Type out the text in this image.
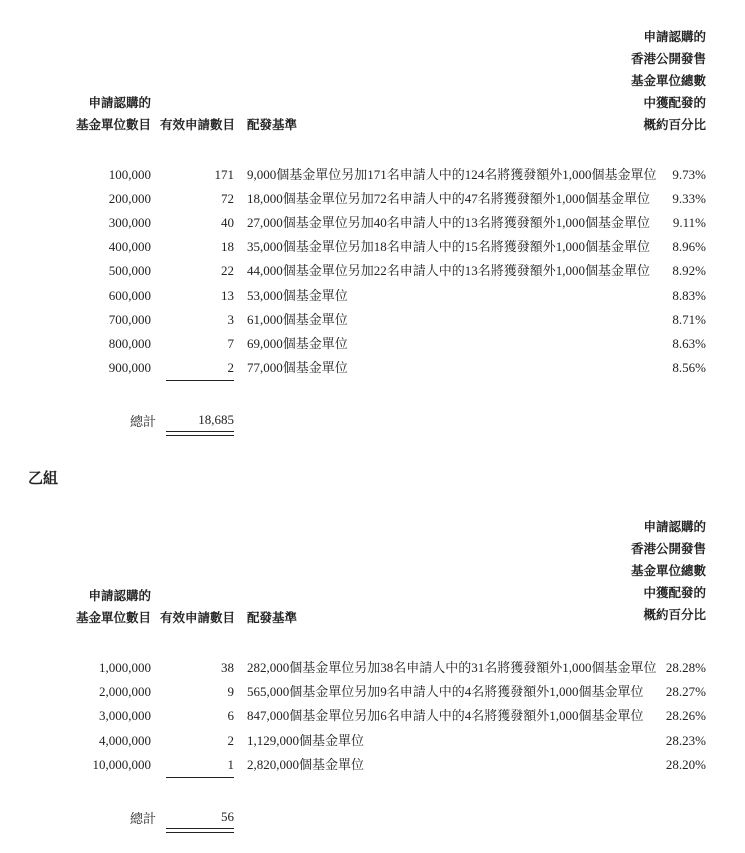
申請認購的
基金單位數目 有效申請數目 配發基準
申請認購的
香港公開發售
基金單位總數
中獲配發的
概約百分比
100,000	171 9,000個基金單位另加171名申請人中的124名將獲發額外1,000個基金單位	9.73%
200,000	72 18,000個基金單位另加72名申請人中的47名將獲發額外1,000個基金單位	9.33%
300,000	40 27,000個基金單位另加40名申請人中的13名將獲發額外1,000個基金單位	9.11%
400,000	18 35,000個基金單位另加18名申請人中的15名將獲發額外1,000個基金單位	8.96%
500,000	22 44,000個基金單位另加22名申請人中的13名將獲發額外1,000個基金單位	8.92%
600,000	13 53,000個基金單位	8.83%
700,000	3 61,000個基金單位	8.71%
800,000	7 69,000個基金單位	8.63%
900,000	2 77,000個基金單位	8.56%
總計	18,685
乙組
申請認購的
基金單位數目 有效申請數目 配發基準
申請認購的
香港公開發售
基金單位總數
中獲配發的
概約百分比
1,000,000	38 282,000個基金單位另加38名申請人中的31名將獲發額外1,000個基金單位 28.28%
2,000,000	9 565,000個基金單位另加9名申請人中的4名將獲發額外1,000個基金單位	28.27%
3,000,000	6 847,000個基金單位另加6名申請人中的4名將獲發額外1,000個基金單位	28.26%
4,000,000	2 1,129,000個基金單位	28.23%
10,000,000	1 2,820,000個基金單位	28.20%
總計	56
